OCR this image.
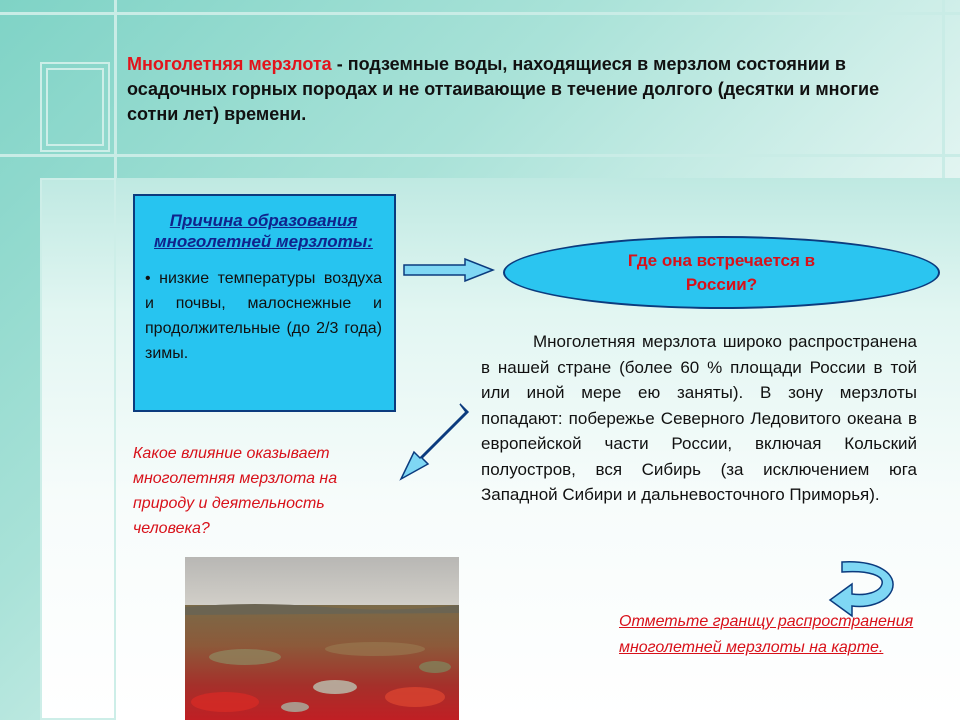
Многолетняя мерзлота - подземные воды, находящиеся в мерзлом состоянии в осадочных горных породах и не оттаивающие в течение долгого (десятки и многие сотни лет) времени.
Причина образования многолетней мерзлоты:
• низкие температуры воздуха и почвы, малоснежные и продолжительные (до 2/3 года) зимы.
Где она встречается в России?
Многолетняя мерзлота широко распространена в нашей стране (более 60 % площади России в той или иной мере ею заняты). В зону мерзлоты попадают: побережье Северного Ледовитого океана в европейской части России, включая Кольский полуостров, вся Сибирь (за исключением юга Западной Сибири и дальневосточного Приморья).
Какое влияние оказывает многолетняя мерзлота на природу и деятельность человека?
Отметьте границу распространения многолетней мерзлоты на карте.
